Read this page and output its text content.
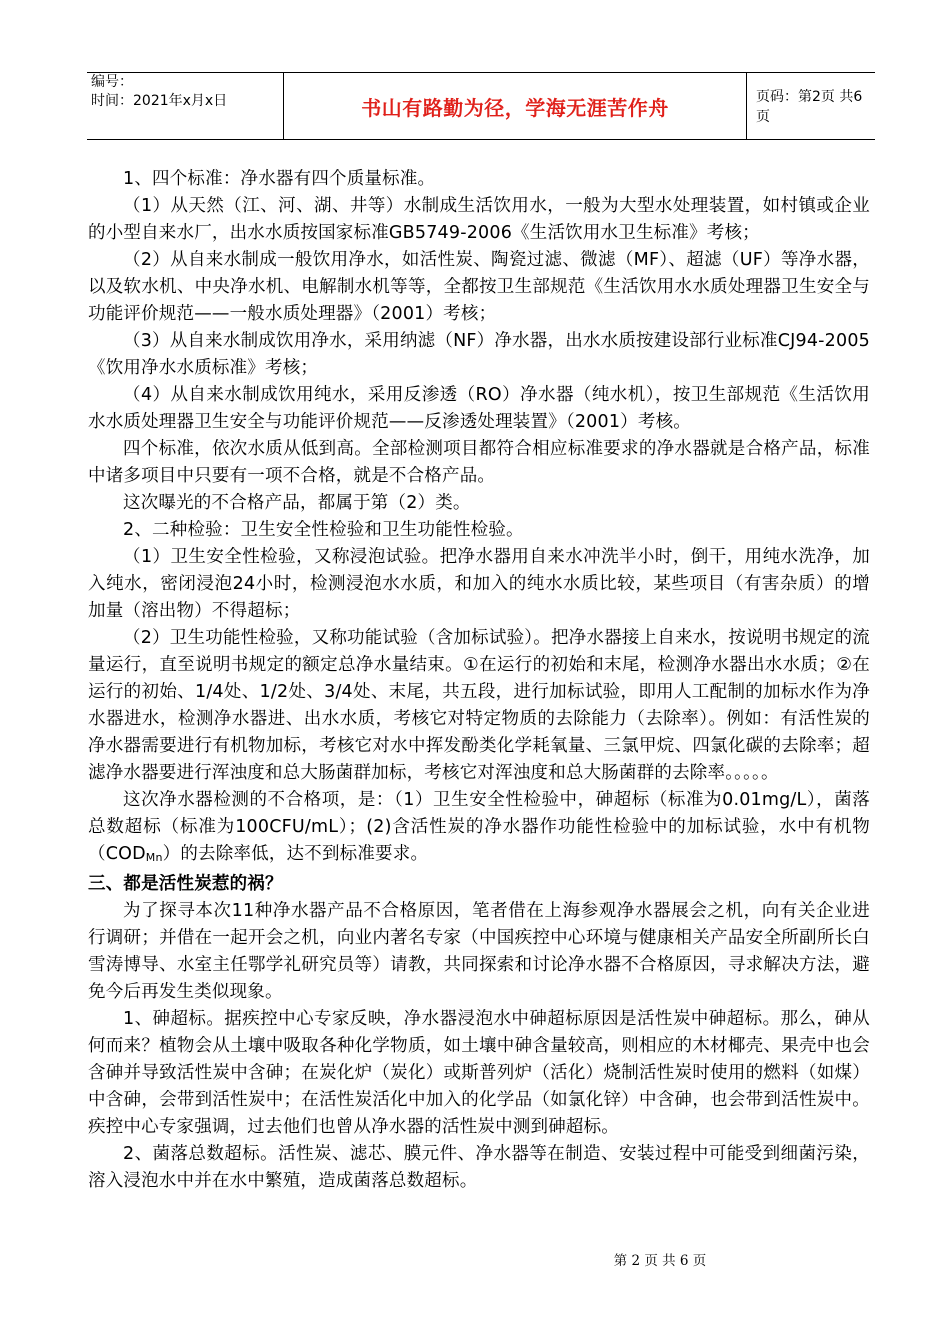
编号：
时间：2021年x月x日	书山有路勤为径，学海无涯苦作舟	页码：第2页 共6页

1、四个标准：净水器有四个质量标准。

（1）从天然（江、河、湖、井等）水制成生活饮用水，一般为大型水处理装置，如村镇或企业的小型自来水厂，出水水质按国家标准GB5749-2006《生活饮用水卫生标准》考核；

（2）从自来水制成一般饮用净水，如活性炭、陶瓷过滤、微滤（MF）、超滤（UF）等净水器，以及软水机、中央净水机、电解制水机等等，全都按卫生部规范《生活饮用水水质处理器卫生安全与功能评价规范——一般水质处理器》（2001）考核；

（3）从自来水制成饮用净水，采用纳滤（NF）净水器，出水水质按建设部行业标准CJ94-2005《饮用净水水质标准》考核；

（4）从自来水制成饮用纯水，采用反渗透（RO）净水器（纯水机），按卫生部规范《生活饮用水水质处理器卫生安全与功能评价规范——反渗透处理装置》（2001）考核。

四个标准，依次水质从低到高。全部检测项目都符合相应标准要求的净水器就是合格产品，标准中诸多项目中只要有一项不合格，就是不合格产品。

这次曝光的不合格产品，都属于第（2）类。

2、二种检验：卫生安全性检验和卫生功能性检验。

（1）卫生安全性检验，又称浸泡试验。把净水器用自来水冲洗半小时，倒干，用纯水洗净，加入纯水，密闭浸泡24小时，检测浸泡水水质，和加入的纯水水质比较，某些项目（有害杂质）的增加量（溶出物）不得超标；

（2）卫生功能性检验，又称功能试验（含加标试验）。把净水器接上自来水，按说明书规定的流量运行，直至说明书规定的额定总净水量结束。①在运行的初始和末尾，检测净水器出水水质；②在运行的初始、1/4处、1/2处、3/4处、末尾，共五段，进行加标试验，即用人工配制的加标水作为净水器进水，检测净水器进、出水水质，考核它对特定物质的去除能力（去除率）。例如：有活性炭的净水器需要进行有机物加标，考核它对水中挥发酚类化学耗氧量、三氯甲烷、四氯化碳的去除率；超滤净水器要进行浑浊度和总大肠菌群加标，考核它对浑浊度和总大肠菌群的去除率。。。。。

这次净水器检测的不合格项，是：（1）卫生安全性检验中，砷超标（标准为0.01mg/L），菌落总数超标（标准为100CFU/mL）；(2)含活性炭的净水器作功能性检验中的加标试验，水中有机物$(COD_{Mn})$的去除率低，达不到标准要求。

三、都是活性炭惹的祸？

为了探寻本次11种净水器产品不合格原因，笔者借在上海参观净水器展会之机，向有关企业进行调研；并借在一起开会之机，向业内著名专家（中国疾控中心环境与健康相关产品安全所副所长白雪涛博导、水室主任鄂学礼研究员等）请教，共同探索和讨论净水器不合格原因，寻求解决方法，避免今后再发生类似现象。

1、砷超标。据疾控中心专家反映，净水器浸泡水中砷超标原因是活性炭中砷超标。那么，砷从何而来？植物会从土壤中吸取各种化学物质，如土壤中砷含量较高，则相应的木材椰壳、果壳中也会含砷并导致活性炭中含砷；在炭化炉（炭化）或斯普列炉（活化）烧制活性炭时使用的燃料（如煤）中含砷，会带到活性炭中；在活性炭活化中加入的化学品（如氯化锌）中含砷，也会带到活性炭中。疾控中心专家强调，过去他们也曾从净水器的活性炭中测到砷超标。

2、菌落总数超标。活性炭、滤芯、膜元件、净水器等在制造、安装过程中可能受到细菌污染，溶入浸泡水中并在水中繁殖，造成菌落总数超标。

第 2 页 共 6 页
